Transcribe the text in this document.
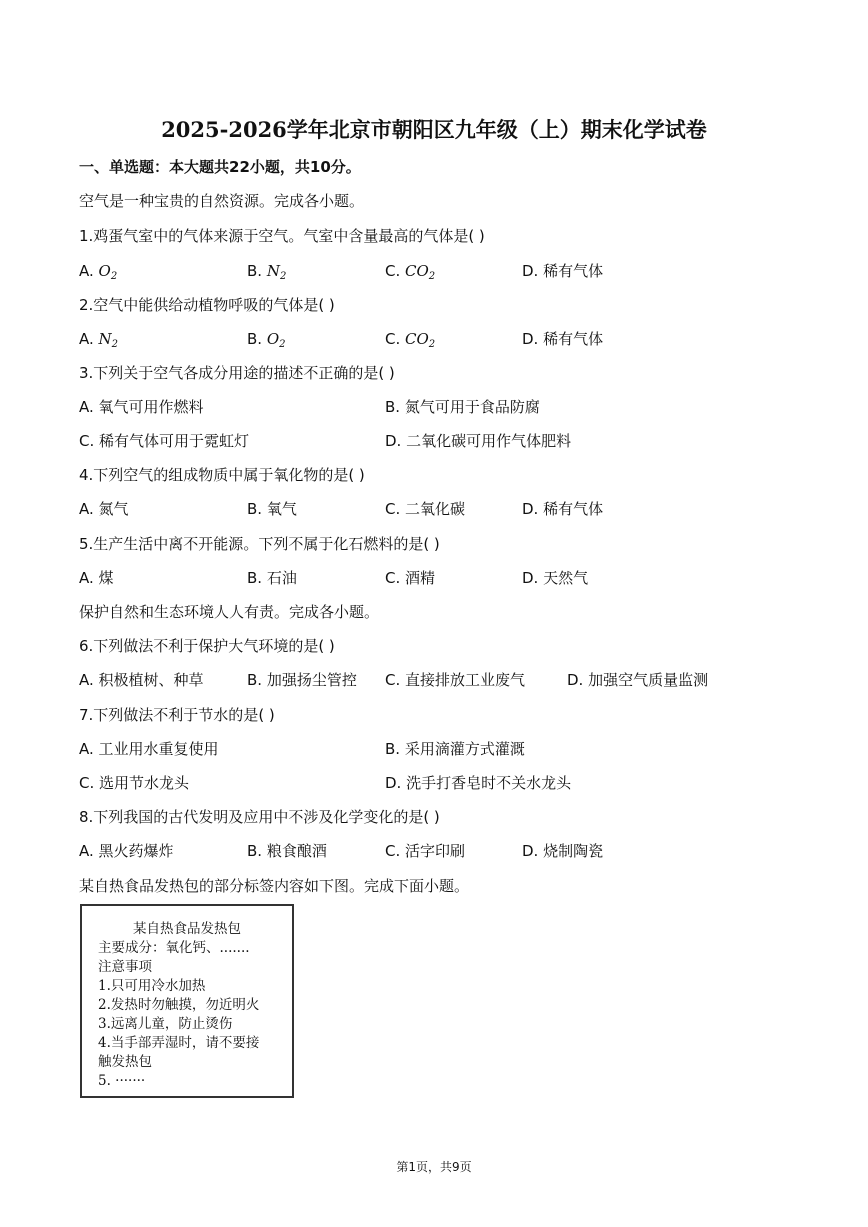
2025-2026学年北京市朝阳区九年级（上）期末化学试卷
一、单选题：本大题共22小题，共10分。
空气是一种宝贵的自然资源。完成各小题。
1.鸡蛋气室中的气体来源于空气。气室中含量最高的气体是( )
A. $O_2$	B. $N_2$	C. $CO_2$	D. 稀有气体
2.空气中能供给动植物呼吸的气体是( )
A. $N_2$	B. $O_2$	C. $CO_2$	D. 稀有气体
3.下列关于空气各成分用途的描述不正确的是( )
A. 氧气可用作燃料	B. 氮气可用于食品防腐
C. 稀有气体可用于霓虹灯	D. 二氧化碳可用作气体肥料
4.下列空气的组成物质中属于氧化物的是( )
A. 氮气	B. 氧气	C. 二氧化碳	D. 稀有气体
5.生产生活中离不开能源。下列不属于化石燃料的是( )
A. 煤	B. 石油	C. 酒精	D. 天然气
保护自然和生态环境人人有责。完成各小题。
6.下列做法不利于保护大气环境的是( )
A. 积极植树、种草	B. 加强扬尘管控 C. 直接排放工业废气	D. 加强空气质量监测
7.下列做法不利于节水的是( )
A. 工业用水重复使用	B. 采用滴灌方式灌溉
C. 选用节水龙头	D. 洗手打香皂时不关水龙头
8.下列我国的古代发明及应用中不涉及化学变化的是( )
A. 黑火药爆炸	B. 粮食酿酒	C. 活字印刷	D. 烧制陶瓷
某自热食品发热包的部分标签内容如下图。完成下面小题。
某自热食品发热包
主要成分：氧化钙、.......
注意事项
1.只可用冷水加热
2.发热时勿触摸，勿近明火
3.远离儿童，防止烫伤
4.当手部弄湿时，请不要接
触发热包
5. ·······
第1页，共9页
